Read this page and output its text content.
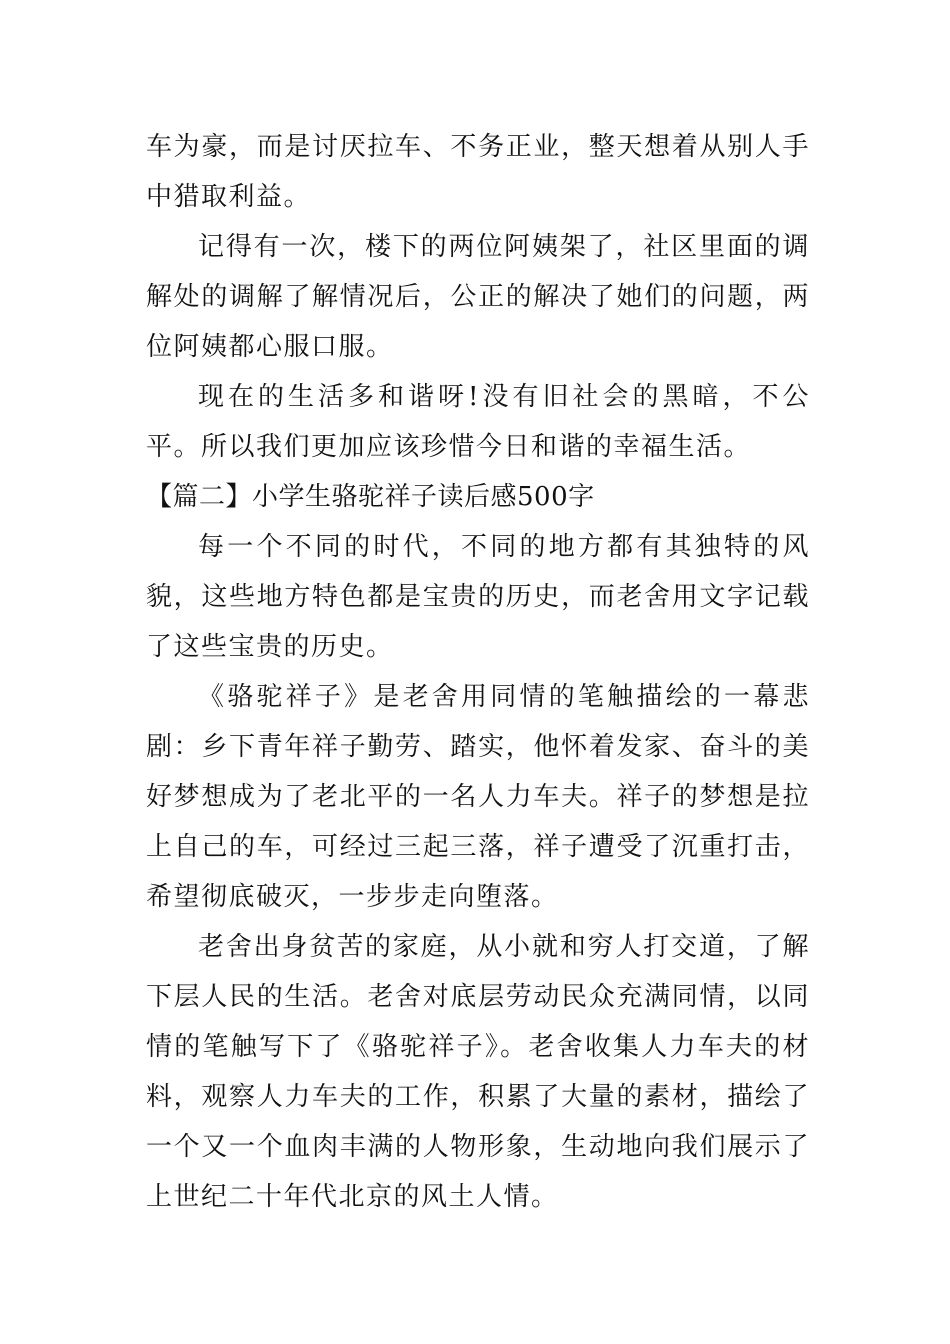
车为豪，而是讨厌拉车、不务正业，整天想着从别人手中猎取利益。

记得有一次，楼下的两位阿姨架了，社区里面的调解处的调解了解情况后，公正的解决了她们的问题，两位阿姨都心服口服。

现在的生活多和谐呀!没有旧社会的黑暗，不公平。所以我们更加应该珍惜今日和谐的幸福生活。

【篇二】小学生骆驼祥子读后感500字

每一个不同的时代，不同的地方都有其独特的风貌，这些地方特色都是宝贵的历史，而老舍用文字记载了这些宝贵的历史。

《骆驼祥子》是老舍用同情的笔触描绘的一幕悲剧：乡下青年祥子勤劳、踏实，他怀着发家、奋斗的美好梦想成为了老北平的一名人力车夫。祥子的梦想是拉上自己的车，可经过三起三落，祥子遭受了沉重打击，希望彻底破灭，一步步走向堕落。

老舍出身贫苦的家庭，从小就和穷人打交道，了解下层人民的生活。老舍对底层劳动民众充满同情，以同情的笔触写下了《骆驼祥子》。老舍收集人力车夫的材料，观察人力车夫的工作，积累了大量的素材，描绘了一个又一个血肉丰满的人物形象，生动地向我们展示了上世纪二十年代北京的风土人情。
